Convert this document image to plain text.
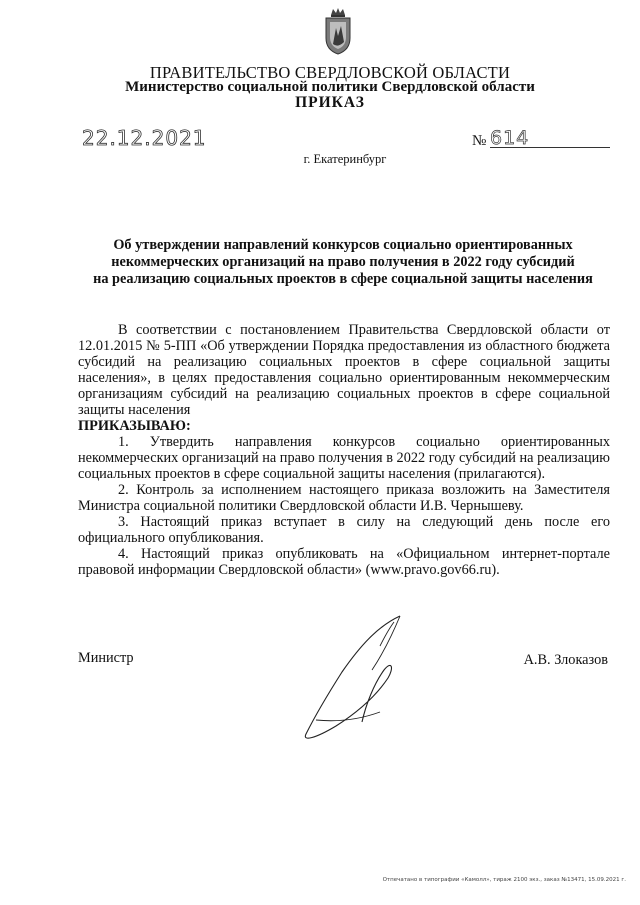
ПРАВИТЕЛЬСТВО СВЕРДЛОВСКОЙ ОБЛАСТИ
Министерство социальной политики Свердловской области
ПРИКАЗ
22.12.2021	№ 614
г. Екатеринбург
Об утверждении направлений конкурсов социально ориентированных
некоммерческих организаций на право получения в 2022 году субсидий
на реализацию социальных проектов в сфере социальной защиты населения

В соответствии с постановлением Правительства Свердловской области от 12.01.2015 № 5-ПП «Об утверждении Порядка предоставления из областного бюджета субсидий на реализацию социальных проектов в сфере социальной защиты населения», в целях предоставления социально ориентированным некоммерческим организациям субсидий на реализацию социальных проектов в сфере социальной защиты населения

ПРИКАЗЫВАЮ:

1. Утвердить направления конкурсов социально ориентированных некоммерческих организаций на право получения в 2022 году субсидий на реализацию социальных проектов в сфере социальной защиты населения (прилагаются).

2. Контроль за исполнением настоящего приказа возложить на Заместителя Министра социальной политики Свердловской области И.В. Чернышеву.

3. Настоящий приказ вступает в силу на следующий день после его официального опубликования.

4. Настоящий приказ опубликовать на «Официальном интернет-портале правовой информации Свердловской области» (www.pravo.gov66.ru).

Министр	А.В. Злоказов
Отпечатано в типографии «Камолл», тираж 2100 экз., заказ №13471, 15.09.2021 г.
